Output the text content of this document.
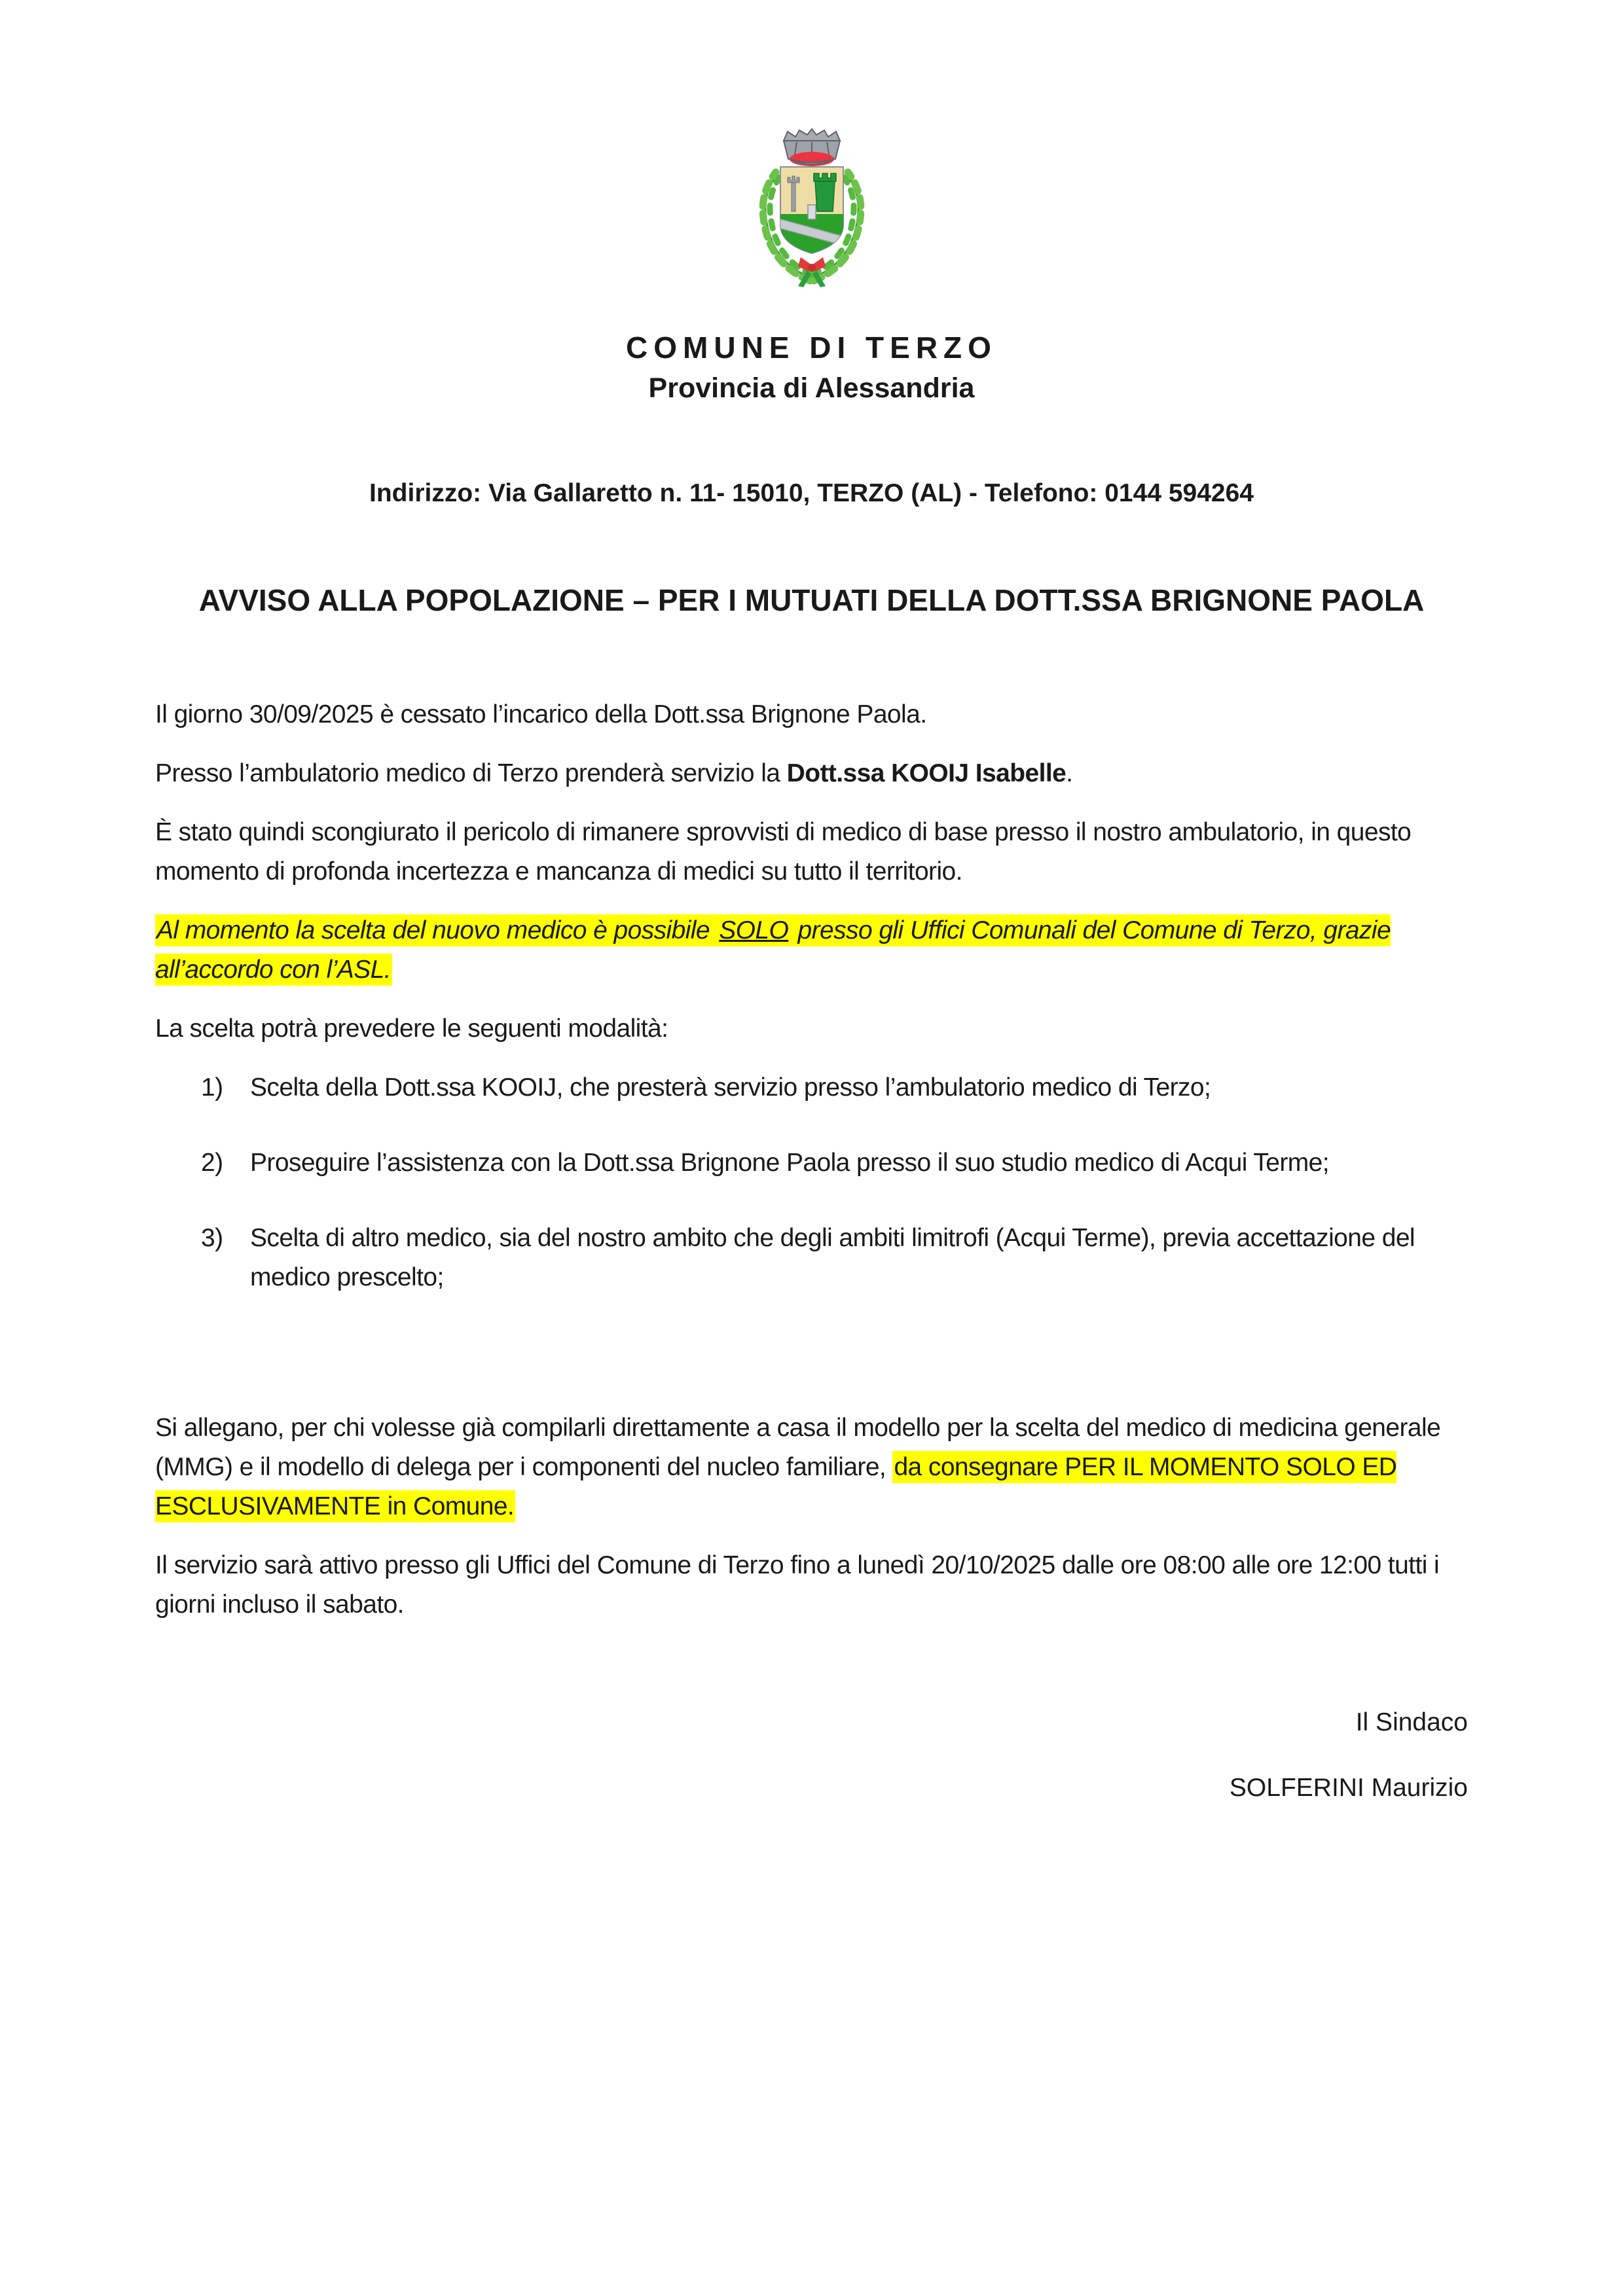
COMUNE DI TERZO
Provincia di Alessandria
Indirizzo: Via Gallaretto n. 11- 15010, TERZO (AL) - Telefono: 0144 594264
AVVISO ALLA POPOLAZIONE – PER I MUTUATI DELLA DOTT.SSA BRIGNONE PAOLA
Il giorno 30/09/2025 è cessato l’incarico della Dott.ssa Brignone Paola.
Presso l’ambulatorio medico di Terzo prenderà servizio la Dott.ssa KOOIJ Isabelle.
È stato quindi scongiurato il pericolo di rimanere sprovvisti di medico di base presso il nostro ambulatorio, in questo momento di profonda incertezza e mancanza di medici su tutto il territorio.
Al momento la scelta del nuovo medico è possibile SOLO presso gli Uffici Comunali del Comune di Terzo, grazie all’accordo con l’ASL.
La scelta potrà prevedere le seguenti modalità:
1)	Scelta della Dott.ssa KOOIJ, che presterà servizio presso l’ambulatorio medico di Terzo;
2)	Proseguire l’assistenza con la Dott.ssa Brignone Paola presso il suo studio medico di Acqui Terme;
3)	Scelta di altro medico, sia del nostro ambito che degli ambiti limitrofi (Acqui Terme), previa accettazione del medico prescelto;
Si allegano, per chi volesse già compilarli direttamente a casa il modello per la scelta del medico di medicina generale (MMG) e il modello di delega per i componenti del nucleo familiare, da consegnare PER IL MOMENTO SOLO ED ESCLUSIVAMENTE in Comune.
Il servizio sarà attivo presso gli Uffici del Comune di Terzo fino a lunedì 20/10/2025 dalle ore 08:00 alle ore 12:00 tutti i giorni incluso il sabato.
Il Sindaco
SOLFERINI Maurizio
